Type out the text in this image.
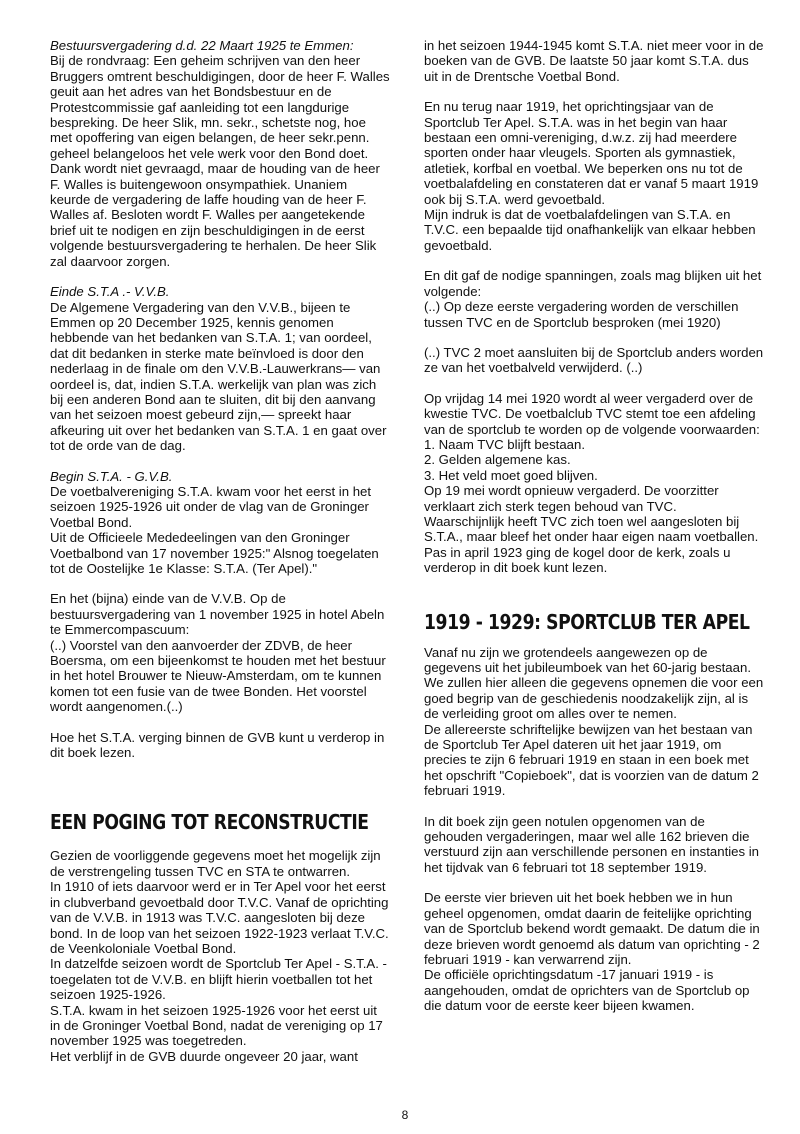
Bestuursvergadering d.d. 22 Maart 1925 te Emmen:

Bij de rondvraag: Een geheim schrijven van den heer Bruggers omtrent beschuldigingen, door de heer F. Walles geuit aan het adres van het Bondsbestuur en de Protestcommissie gaf aanleiding tot een langdurige bespreking. De heer Slik, mn. sekr., schetste nog, hoe met opoffering van eigen belangen, de heer sekr.penn. geheel belangeloos het vele werk voor den Bond doet. Dank wordt niet gevraagd, maar de houding van de heer F. Walles is buitengewoon onsympathiek. Unaniem keurde de vergadering de laffe houding van de heer F. Walles af. Besloten wordt F. Walles per aangetekende brief uit te nodigen en zijn beschuldigingen in de eerst volgende bestuursvergadering te herhalen. De heer Slik zal daarvoor zorgen.

Einde S.T.A .- V.V.B.

De Algemene Vergadering van den V.V.B., bijeen te Emmen op 20 December 1925, kennis genomen hebbende van het bedanken van S.T.A. 1; van oordeel, dat dit bedanken in sterke mate beïnvloed is door den nederlaag in de finale om den V.V.B.-Lauwerkrans— van oordeel is, dat, indien S.T.A. werkelijk van plan was zich bij een anderen Bond aan te sluiten, dit bij den aanvang van het seizoen moest gebeurd zijn,— spreekt haar afkeuring uit over het bedanken van S.T.A. 1 en gaat over tot de orde van de dag.

Begin S.T.A. - G.V.B.

De voetbalvereniging S.T.A. kwam voor het eerst in het seizoen 1925-1926 uit onder de vlag van de Groninger Voetbal Bond.

Uit de Officieele Mededeelingen van den Groninger Voetbalbond van 17 november 1925:" Alsnog toegelaten tot de Oostelijke 1e Klasse: S.T.A. (Ter Apel)."

En het (bijna) einde van de V.V.B. Op de bestuursvergadering van 1 november 1925 in hotel Abeln te Emmercompascuum:

(..) Voorstel van den aanvoerder der ZDVB, de heer Boersma, om een bijeenkomst te houden met het bestuur in het hotel Brouwer te Nieuw-Amsterdam, om te kunnen komen tot een fusie van de twee Bonden. Het voorstel wordt aangenomen.(..)

Hoe het S.T.A. verging binnen de GVB kunt u verderop in dit boek lezen.

EEN POGING TOT RECONSTRUCTIE

Gezien de voorliggende gegevens moet het mogelijk zijn de verstrengeling tussen TVC en STA te ontwarren.

In 1910 of iets daarvoor werd er in Ter Apel voor het eerst in clubverband gevoetbald door T.V.C. Vanaf de oprichting van de V.V.B. in 1913 was T.V.C. aangesloten bij deze bond. In de loop van het seizoen 1922-1923 verlaat T.V.C. de Veenkoloniale Voetbal Bond.

In datzelfde seizoen wordt de Sportclub Ter Apel - S.T.A. - toegelaten tot de V.V.B. en blijft hierin voetballen tot het seizoen 1925-1926.

S.T.A. kwam in het seizoen 1925-1926 voor het eerst uit in de Groninger Voetbal Bond, nadat de vereniging op 17 november 1925 was toegetreden.

Het verblijf in de GVB duurde ongeveer 20 jaar, want

in het seizoen 1944-1945 komt S.T.A. niet meer voor in de boeken van de GVB. De laatste 50 jaar komt S.T.A. dus uit in de Drentsche Voetbal Bond.

En nu terug naar 1919, het oprichtingsjaar van de Sportclub Ter Apel. S.T.A. was in het begin van haar bestaan een omni-vereniging, d.w.z. zij had meerdere sporten onder haar vleugels. Sporten als gymnastiek, atletiek, korfbal en voetbal. We beperken ons nu tot de voetbalafdeling en constateren dat er vanaf 5 maart 1919 ook bij S.T.A. werd gevoetbald.

Mijn indruk is dat de voetbalafdelingen van S.T.A. en T.V.C. een bepaalde tijd onafhankelijk van elkaar hebben gevoetbald.

En dit gaf de nodige spanningen, zoals mag blijken uit het volgende:

(..) Op deze eerste vergadering worden de verschillen tussen TVC en de Sportclub besproken (mei 1920)

(..) TVC 2 moet aansluiten bij de Sportclub anders worden ze van het voetbalveld verwijderd. (..)

Op vrijdag 14 mei 1920 wordt al weer vergaderd over de kwestie TVC. De voetbalclub TVC stemt toe een afdeling van de sportclub te worden op de volgende voorwaarden:

1. Naam TVC blijft bestaan.

2. Gelden algemene kas.

3. Het veld moet goed blijven.

Op 19 mei wordt opnieuw vergaderd. De voorzitter verklaart zich sterk tegen behoud van TVC.

Waarschijnlijk heeft TVC zich toen wel aangesloten bij S.T.A., maar bleef het onder haar eigen naam voetballen.

Pas in april 1923 ging de kogel door de kerk, zoals u verderop in dit boek kunt lezen.

1919 - 1929: SPORTCLUB TER APEL

Vanaf nu zijn we grotendeels aangewezen op de gegevens uit het jubileumboek van het 60-jarig bestaan. We zullen hier alleen die gegevens opnemen die voor een goed begrip van de geschiedenis noodzakelijk zijn, al is de verleiding groot om alles over te nemen.

De allereerste schriftelijke bewijzen van het bestaan van de Sportclub Ter Apel dateren uit het jaar 1919, om precies te zijn 6 februari 1919 en staan in een boek met het opschrift "Copieboek", dat is voorzien van de datum 2 februari 1919.

In dit boek zijn geen notulen opgenomen van de gehouden vergaderingen, maar wel alle 162 brieven die verstuurd zijn aan verschillende personen en instanties in het tijdvak van 6 februari tot 18 september 1919.

De eerste vier brieven uit het boek hebben we in hun geheel opgenomen, omdat daarin de feitelijke oprichting van de Sportclub bekend wordt gemaakt. De datum die in deze brieven wordt genoemd als datum van oprichting - 2 februari 1919 - kan verwarrend zijn.

De officiële oprichtingsdatum -17 januari 1919 - is aangehouden, omdat de oprichters van de Sportclub op die datum voor de eerste keer bijeen kwamen.

8
